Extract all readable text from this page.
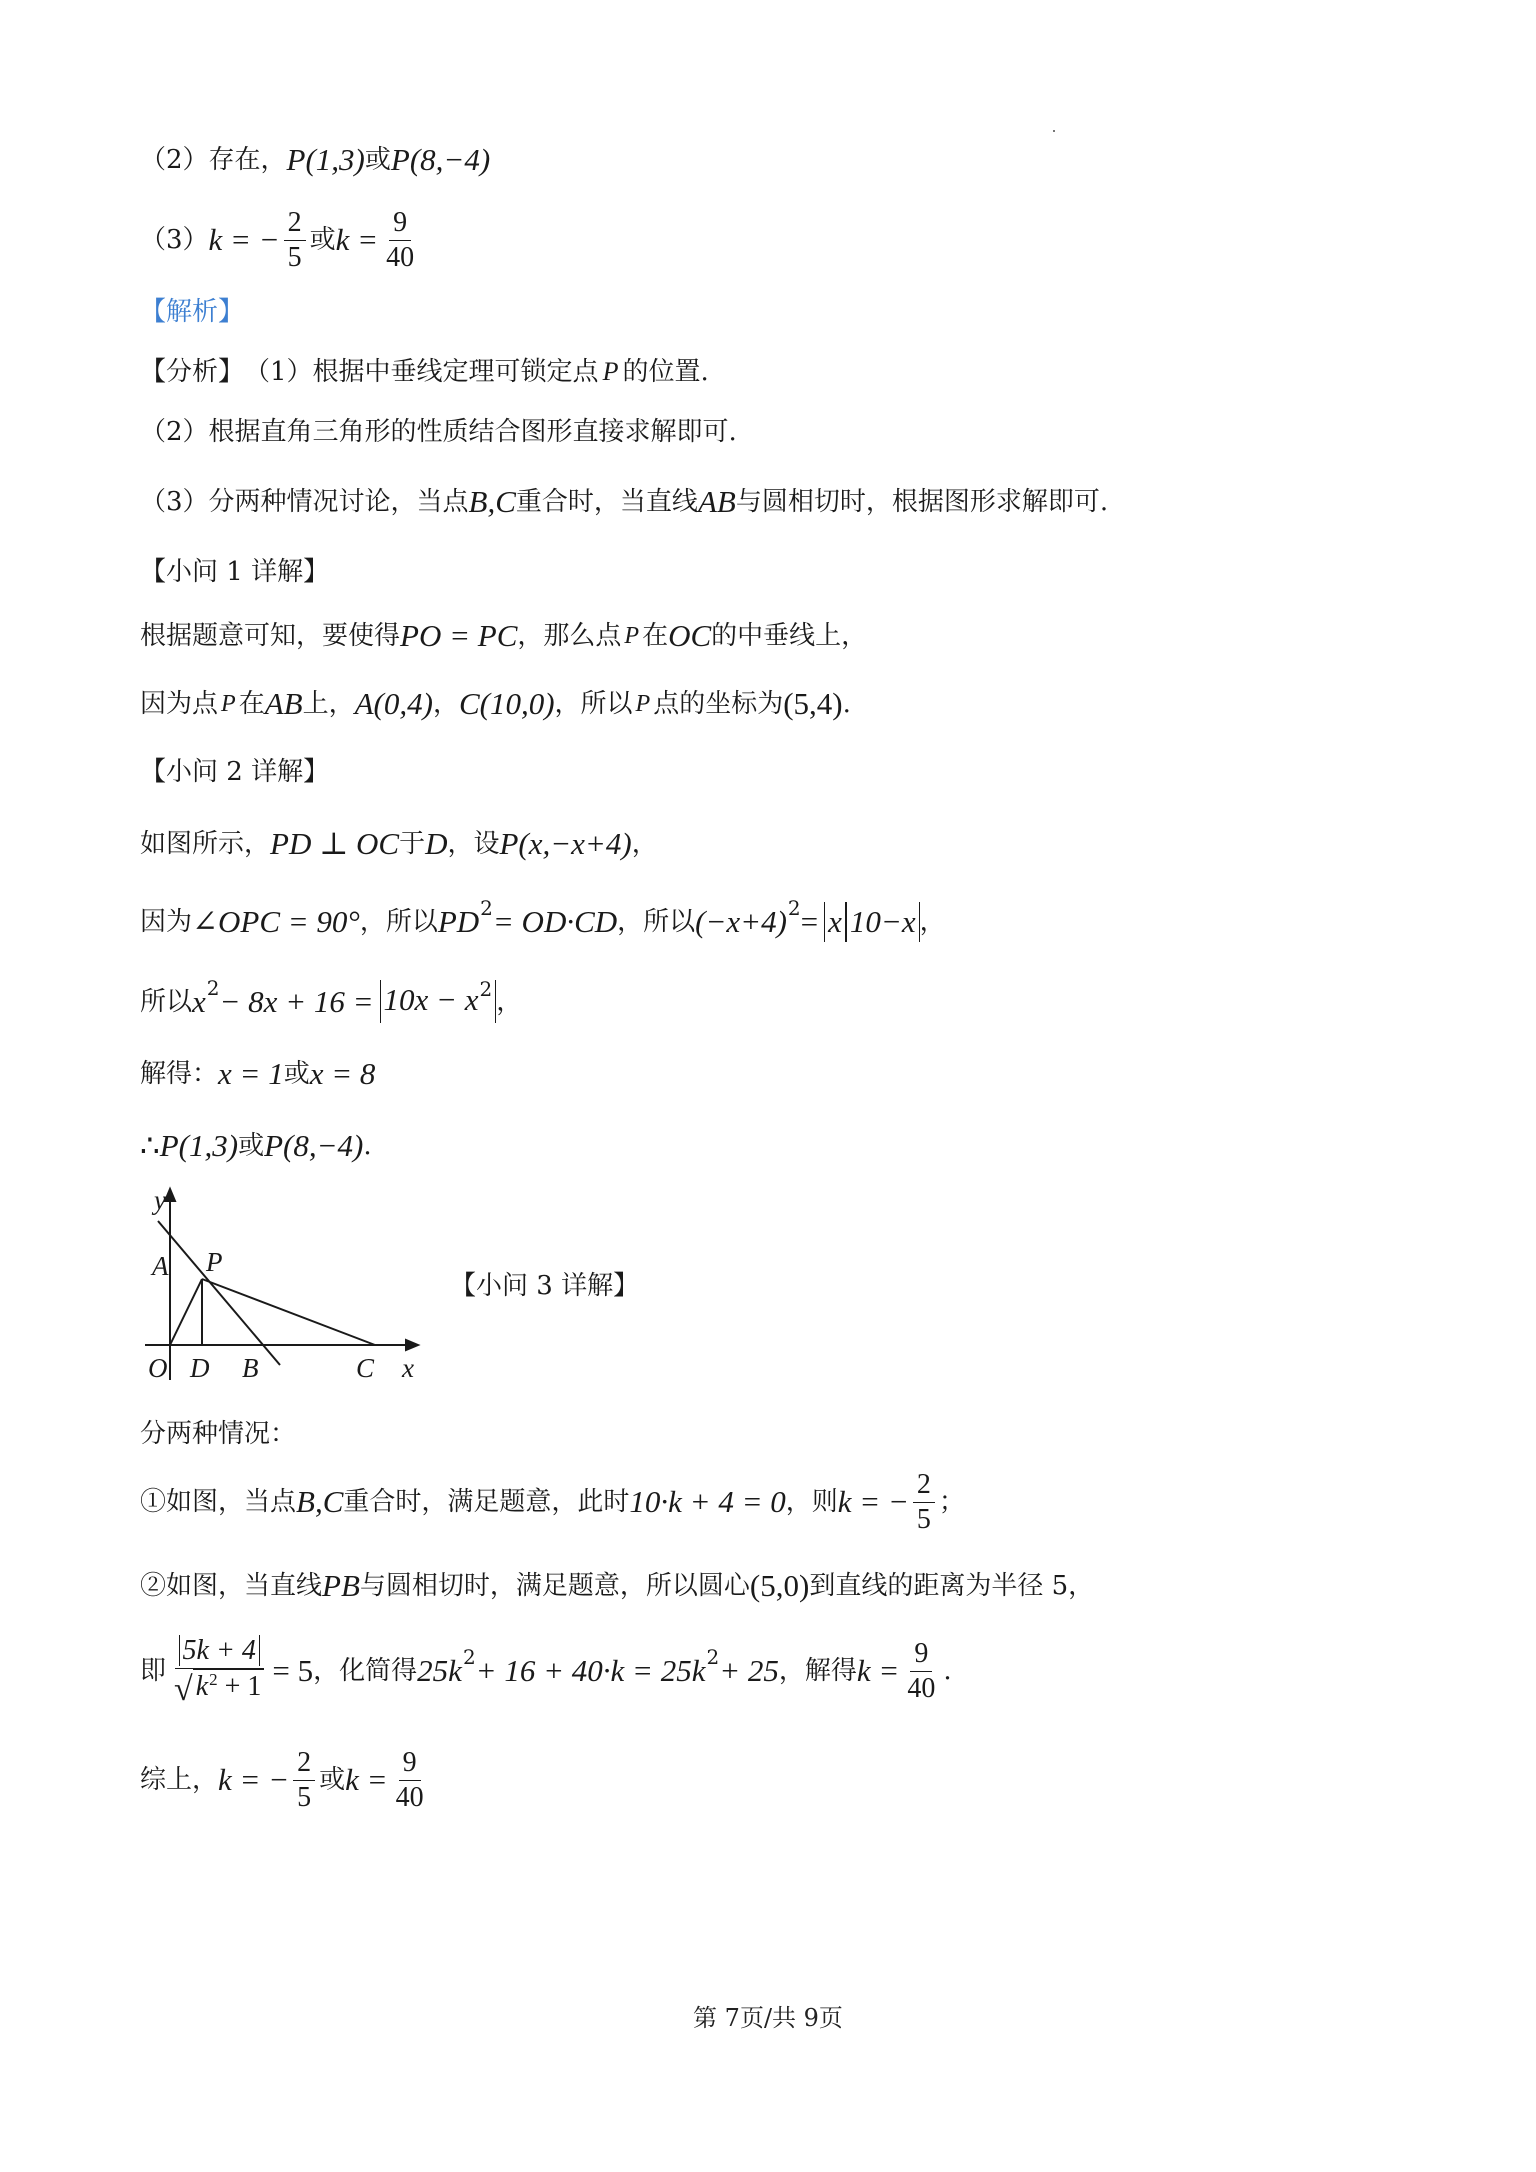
（2）存在， P(1,3) 或 P(8,−4)
（3） k = − $\frac{2}{5}$ 或 $k = \frac{9}{40}$
【解析】
【分析】 （1）根据中垂线定理可锁定点 P 的位置.
（2）根据直角三角形的性质结合图形直接求解即可.
（3）分两种情况讨论，当点 B,C 重合时，当直线 AB 与圆相切时，根据图形求解即可.
【小问 1 详解】
根据题意可知，要使得 PO = PC ，那么点 P 在 OC 的中垂线上，
因为点 P 在 AB 上， A(0,4) ， C(10,0) ，所以 P 点的坐标为 (5,4) .
【小问 2 详解】
如图所示， PD ⊥ OC 于 D ，设 P(x,−x+4) ，
因为 ∠OPC = 90° ，所以 PD 2 = OD·CD ，所以 (−x+4) 2 = x 10−x ，
所以 x $2 - 8x + 16 = 10x - x^2$ ，
解得： x = 1 或 x = 8
∴ P(1,3) 或 P(8,−4) .
y
x
A P
O D B	C
【小问 3 详解】
分两种情况：
①如图，当点 B,C 重合时，满足题意，此时 10·k + 4 = 0 ，则 k = − $\frac{2}{5}$ ；
②如图，当直线 PB 与圆相切时，满足题意，所以圆心 (5,0) 到直线的距离为半径 5，
即 $\frac{5k + 4}{√ k^2 + 1} = 5$ ，化简得 25k 2 + 16 + 40·k = 25k 2 + 25 ，解得 $k = \frac{9}{40}$ .
综上， k = − $\frac{2}{5}$ 或 $k = \frac{9}{40}$
第 7页/共 9页
